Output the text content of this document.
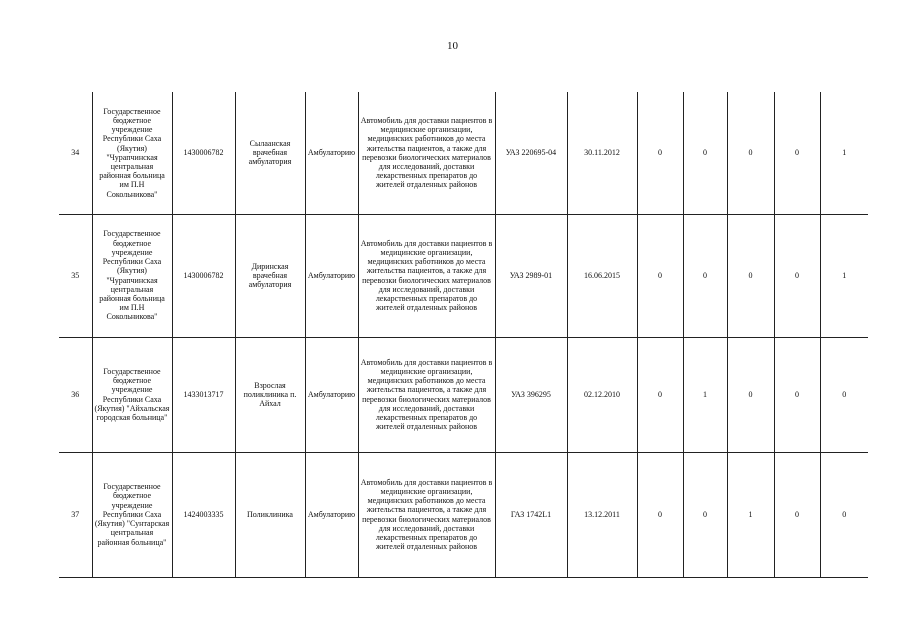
10
34	Государственное бюджетное учреждение Республики Саха (Якутия) "Чурапчинская центральная районная больница им П.Н Сокольникова"	1430006782	Сылаанская врачебная амбулатория	Амбулаторию	Автомобиль для доставки пациентов в медицинские организации, медицинских работников до места жительства пациентов, а также для перевозки биологических материалов для исследований, доставки лекарственных препаратов до жителей отдаленных районов	УАЗ 220695-04	30.11.2012	0	0	0	0	1
35	Государственное бюджетное учреждение Республики Саха (Якутия) "Чурапчинская центральная районная больница им П.Н Сокольникова"	1430006782	Диринская врачебная амбулатория	Амбулаторию	Автомобиль для доставки пациентов в медицинские организации, медицинских работников до места жительства пациентов, а также для перевозки биологических материалов для исследований, доставки лекарственных препаратов до жителей отдаленных районов	УАЗ 2989-01	16.06.2015	0	0	0	0	1
36	Государственное бюджетное учреждение Республики Саха (Якутия) "Айхальская городская больница"	1433013717	Взрослая поликлиника п. Айхал	Амбулаторию	Автомобиль для доставки пациентов в медицинские организации, медицинских работников до места жительства пациентов, а также для перевозки биологических материалов для исследований, доставки лекарственных препаратов до жителей отдаленных районов	УАЗ 396295	02.12.2010	0	1	0	0	0
37	Государственное бюджетное учреждение Республики Саха (Якутия) "Сунтарская центральная районная больница"	1424003335	Поликлиника	Амбулаторию	Автомобиль для доставки пациентов в медицинские организации, медицинских работников до места жительства пациентов, а также для перевозки биологических материалов для исследований, доставки лекарственных препаратов до жителей отдаленных районов	ГАЗ 1742L1	13.12.2011	0	0	1	0	0
